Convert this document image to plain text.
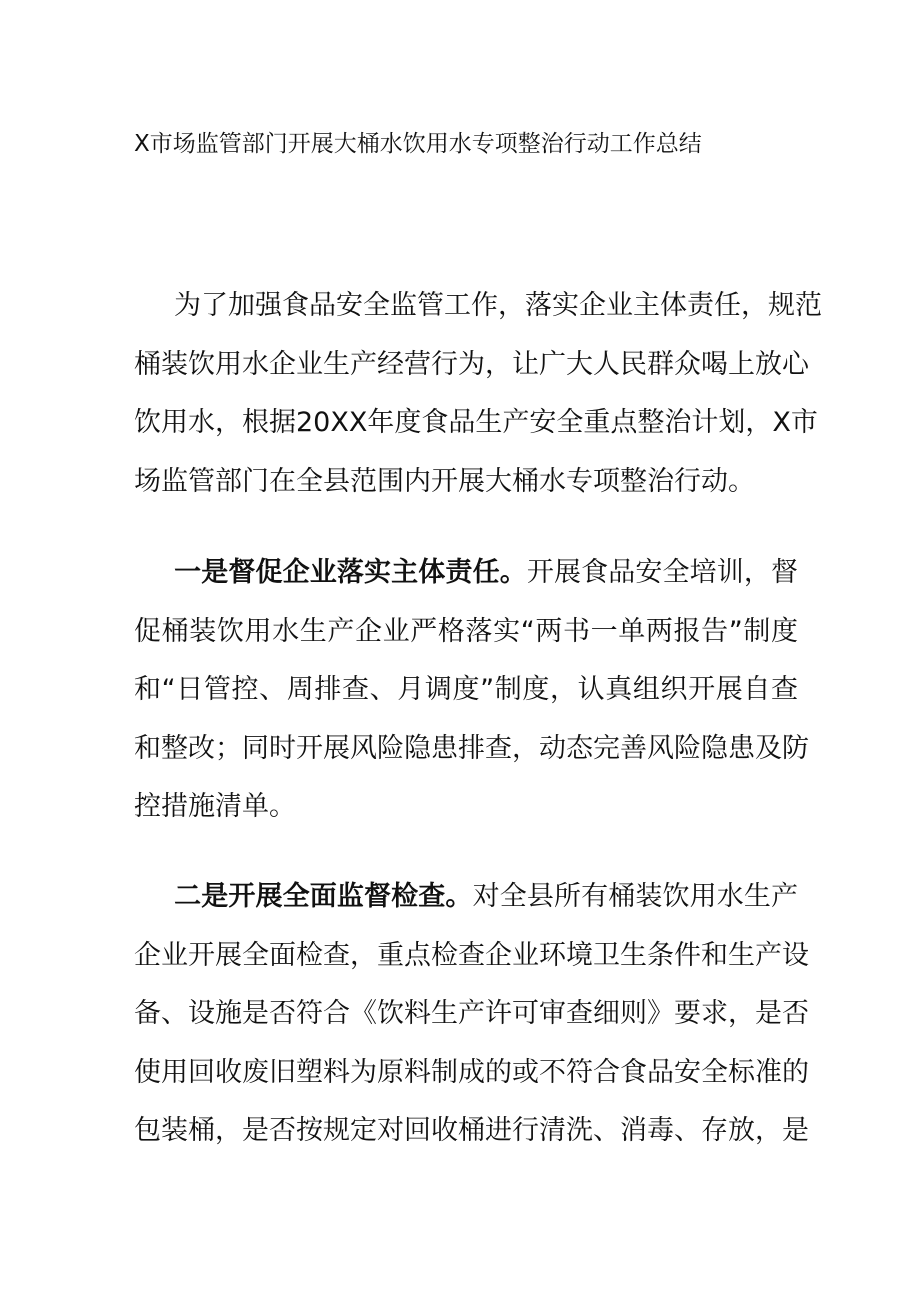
X市场监管部门开展大桶水饮用水专项整治行动工作总结
为了加强食品安全监管工作，落实企业主体责任，规范
桶装饮用水企业生产经营行为，让广大人民群众喝上放心
饮用水，根据20XX年度食品生产安全重点整治计划，X市
场监管部门在全县范围内开展大桶水专项整治行动。
一是督促企业落实主体责任。开展食品安全培训，督
促桶装饮用水生产企业严格落实“两书一单两报告”制度
和“日管控、周排查、月调度”制度，认真组织开展自查
和整改；同时开展风险隐患排查，动态完善风险隐患及防
控措施清单。
二是开展全面监督检查。对全县所有桶装饮用水生产
企业开展全面检查，重点检查企业环境卫生条件和生产设
备、设施是否符合《饮料生产许可审查细则》要求，是否
使用回收废旧塑料为原料制成的或不符合食品安全标准的
包装桶，是否按规定对回收桶进行清洗、消毒、存放，是
